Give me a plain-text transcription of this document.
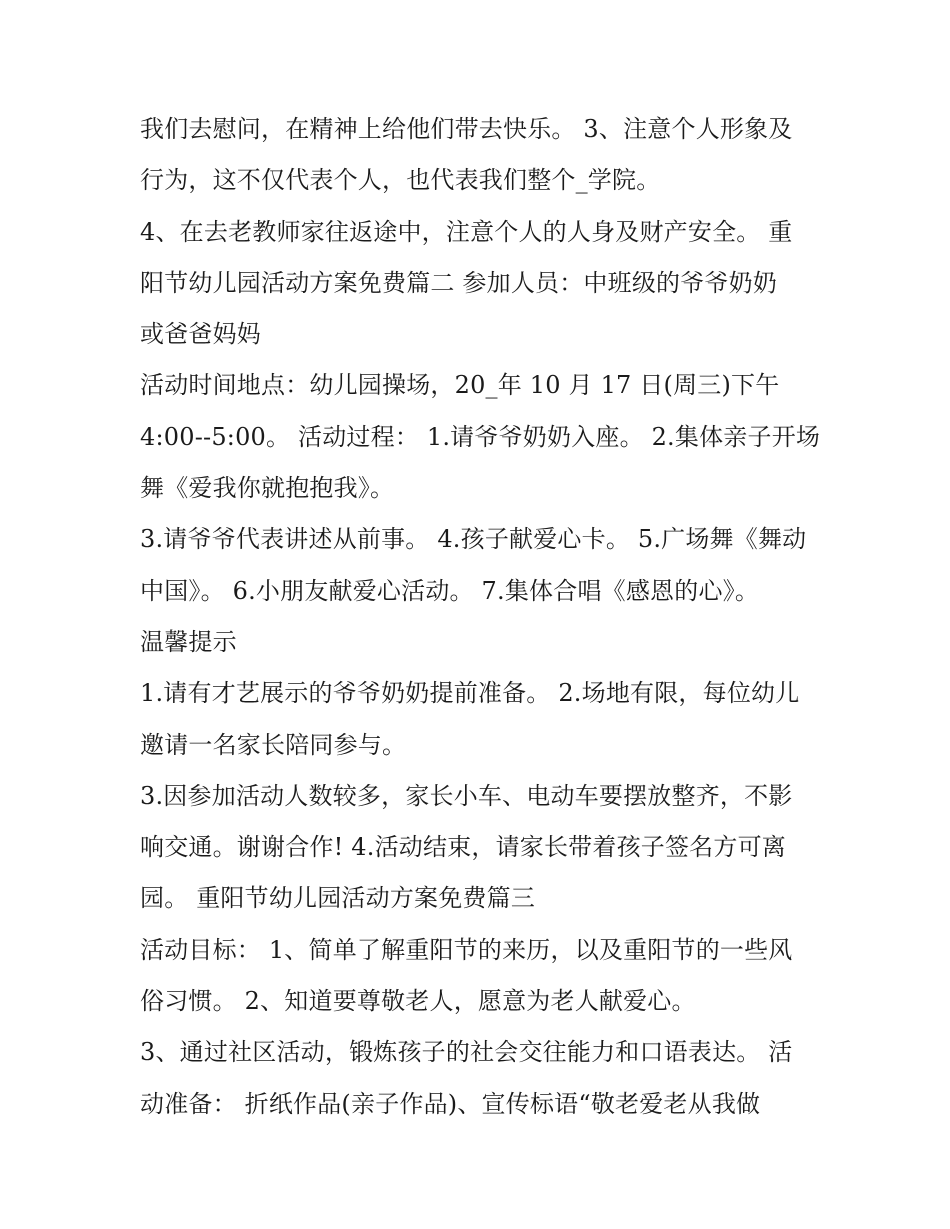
我们去慰问，在精神上给他们带去快乐。 3、注意个人形象及
行为，这不仅代表个人，也代表我们整个_学院。
4、在去老教师家往返途中，注意个人的人身及财产安全。 重
阳节幼儿园活动方案免费篇二 参加人员：中班级的爷爷奶奶
或爸爸妈妈
活动时间地点：幼儿园操场，20_年 10 月 17 日(周三)下午
4:00--5:00。 活动过程： 1.请爷爷奶奶入座。 2.集体亲子开场
舞《爱我你就抱抱我》。
3.请爷爷代表讲述从前事。 4.孩子献爱心卡。 5.广场舞《舞动
中国》。 6.小朋友献爱心活动。 7.集体合唱《感恩的心》。
温馨提示
1.请有才艺展示的爷爷奶奶提前准备。 2.场地有限，每位幼儿
邀请一名家长陪同参与。
3.因参加活动人数较多，家长小车、电动车要摆放整齐，不影
响交通。谢谢合作! 4.活动结束，请家长带着孩子签名方可离
园。 重阳节幼儿园活动方案免费篇三
活动目标： 1、简单了解重阳节的来历，以及重阳节的一些风
俗习惯。 2、知道要尊敬老人，愿意为老人献爱心。
3、通过社区活动，锻炼孩子的社会交往能力和口语表达。 活
动准备： 折纸作品(亲子作品)、宣传标语“敬老爱老从我做
